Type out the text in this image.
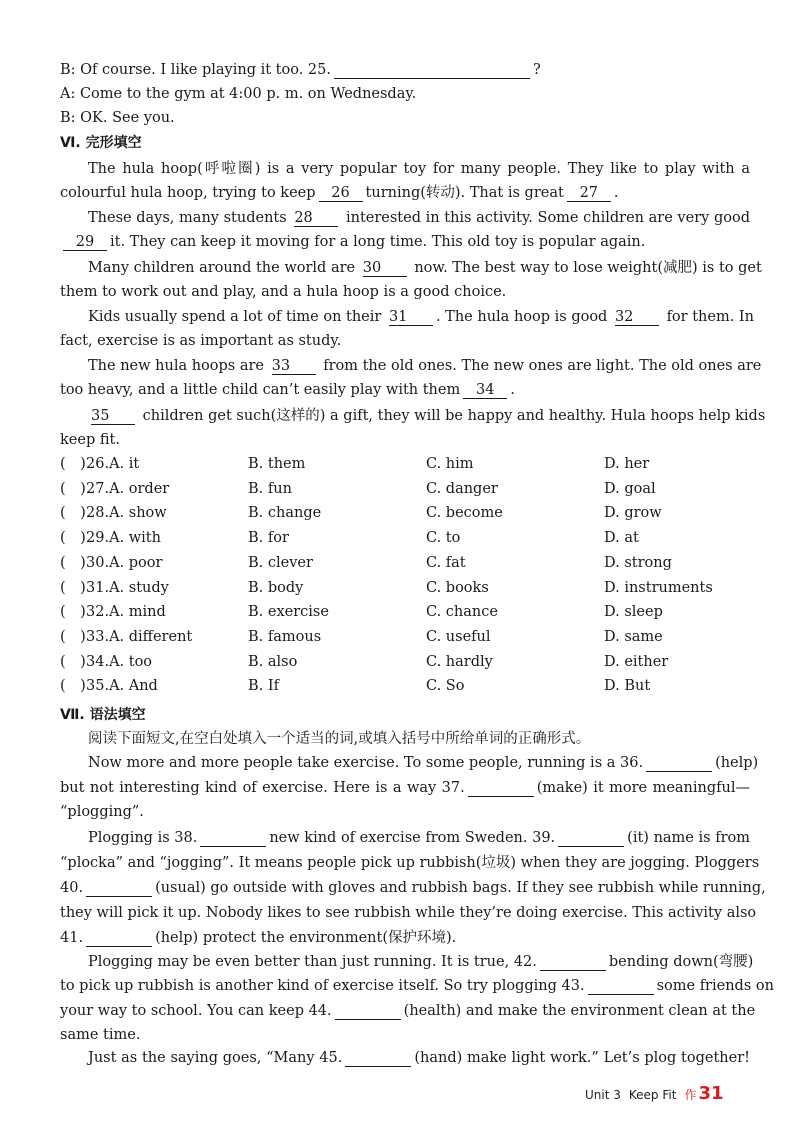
B: Of course. I like playing it too. 25.	?
A: Come to the gym at 4:00 p. m. on Wednesday.
B: OK. See you.
Ⅵ. 完形填空
The hula hoop(呼啦圈) is a very popular toy for many people. They like to play with a
colourful hula hoop, trying to keep 26 turning(转动). That is great 27 .
These days, many students 28 interested in this activity. Some children are very good
29 it. They can keep it moving for a long time. This old toy is popular again.
Many children around the world are 30 now. The best way to lose weight(减肥) is to get
them to work out and play, and a hula hoop is a good choice.
Kids usually spend a lot of time on their 31 . The hula hoop is good 32 for them. In
fact, exercise is as important as study.
The new hula hoops are 33 from the old ones. The new ones are light. The old ones are
too heavy, and a little child can’t easily play with them 34 .
35 children get such(这样的) a gift, they will be happy and healthy. Hula hoops help kids
keep fit.
(　) 26.A. it	B. them	C. him	D. her
(　) 27.A. order	B. fun	C. danger	D. goal
(　) 28.A. show	B. change	C. become	D. grow
(　) 29.A. with	B. for	C. to	D. at
(　) 30.A. poor	B. clever	C. fat	D. strong
(　) 31.A. study	B. body	C. books	D. instruments
(　) 32.A. mind	B. exercise	C. chance	D. sleep
(　) 33.A. different	B. famous	C. useful	D. same
(　) 34.A. too	B. also	C. hardly	D. either
(　) 35.A. And	B. If	C. So	D. But
Ⅶ. 语法填空
阅读下面短文,在空白处填入一个适当的词,或填入括号中所给单词的正确形式。
Now more and more people take exercise. To some people, running is a 36.	(help)
but not interesting kind of exercise. Here is a way 37.	(make) it more meaningful—
“plogging”.
Plogging is 38.	new kind of exercise from Sweden. 39.	(it) name is from
“plocka” and “jogging”. It means people pick up rubbish(垃圾) when they are jogging. Ploggers
40.	(usual) go outside with gloves and rubbish bags. If they see rubbish while running,
they will pick it up. Nobody likes to see rubbish while they’re doing exercise. This activity also
41.	(help) protect the environment(保护环境).
Plogging may be even better than just running. It is true, 42.	bending down(弯腰)
to pick up rubbish is another kind of exercise itself. So try plogging 43.	some friends on
your way to school. You can keep 44.	(health) and make the environment clean at the
same time.
Just as the saying goes, “Many 45.	(hand) make light work.” Let’s plog together!
Unit 3 Keep Fit 作 31
